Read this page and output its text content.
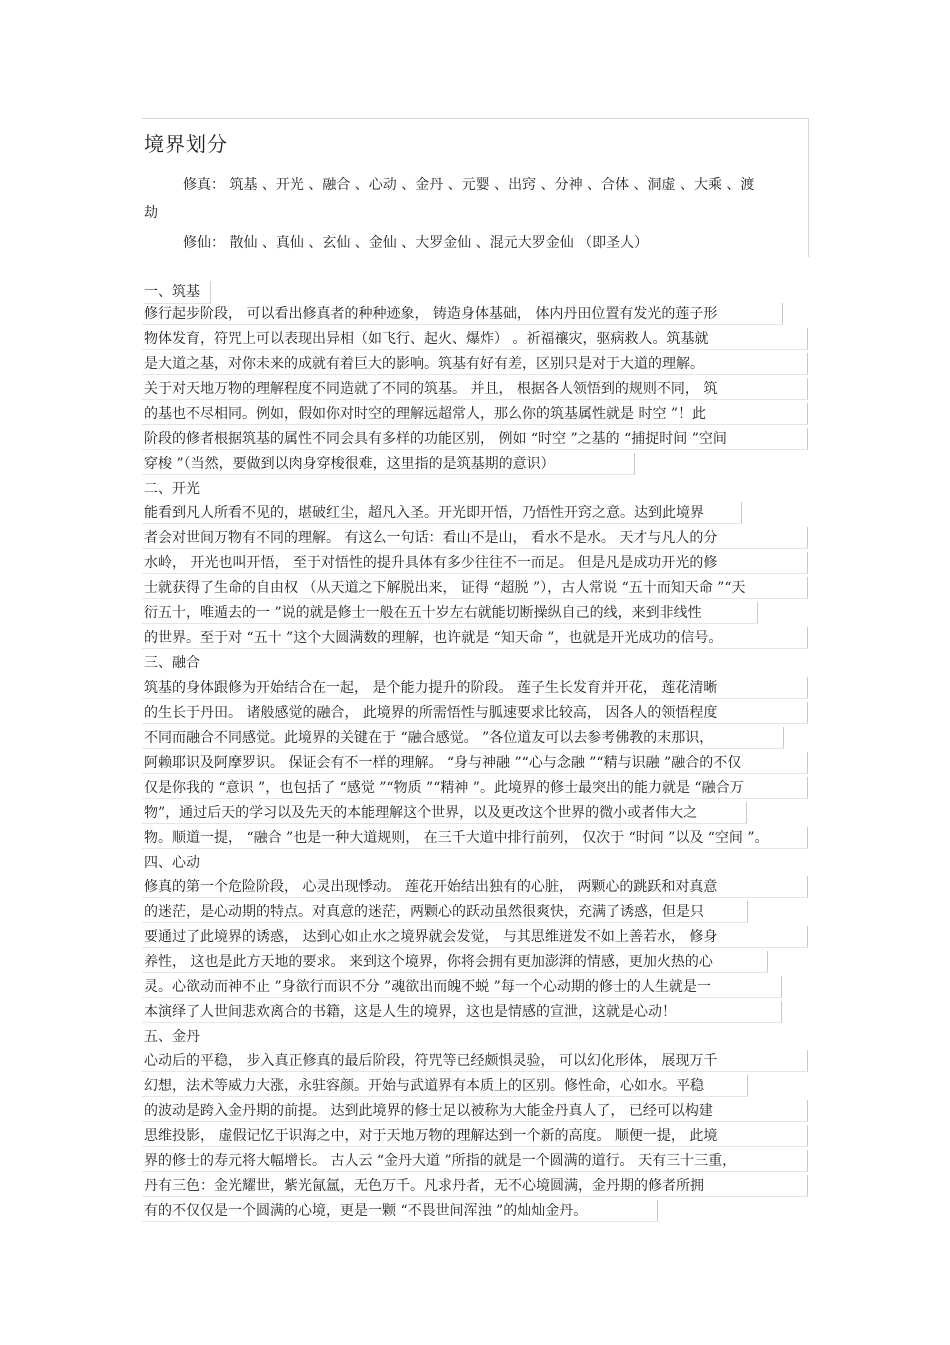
境界划分
修真： 筑基 、开光 、融合 、心动 、金丹 、元婴 、出窍 、分神 、合体 、洞虚 、大乘 、渡
劫
修仙： 散仙 、真仙 、玄仙 、金仙 、大罗金仙 、混元大罗金仙 （即圣人）
一、筑基
修行起步阶段， 可以看出修真者的种种迹象， 铸造身体基础， 体内丹田位置有发光的莲子形
物体发育，符咒上可以表现出异相（如飞行、起火、爆炸） 。祈福禳灾，驱病救人。筑基就
是大道之基，对你未来的成就有着巨大的影响。筑基有好有差，区别只是对于大道的理解。
关于对天地万物的理解程度不同造就了不同的筑基。 并且， 根据各人领悟到的规则不同， 筑
的基也不尽相同。例如，假如你对时空的理解远超常人，那么你的筑基属性就是 时空 ”！此
阶段的修者根据筑基的属性不同会具有多样的功能区别， 例如 “时空 ”之基的 “捕捉时间 ”空间
穿梭 ”（当然，要做到以肉身穿梭很难，这里指的是筑基期的意识）
二、开光
能看到凡人所看不见的，堪破红尘，超凡入圣。开光即开悟，乃悟性开窍之意。达到此境界
者会对世间万物有不同的理解。 有这么一句话：看山不是山， 看水不是水。 天才与凡人的分
水岭， 开光也叫开悟， 至于对悟性的提升具体有多少往往不一而足。 但是凡是成功开光的修
士就获得了生命的自由权 （从天道之下解脱出来， 证得 “超脱 ”），古人常说 “五十而知天命 ”“天
衍五十，唯遁去的一 ”说的就是修士一般在五十岁左右就能切断操纵自己的线，来到非线性
的世界。至于对 “五十 ”这个大圆满数的理解，也许就是 “知天命 ”，也就是开光成功的信号。
三、融合
筑基的身体跟修为开始结合在一起， 是个能力提升的阶段。 莲子生长发育并开花， 莲花清晰
的生长于丹田。 诸般感觉的融合， 此境界的所需悟性与胍速要求比较高， 因各人的领悟程度
不同而融合不同感觉。此境界的关键在于 “融合感觉。 ”各位道友可以去参考佛教的末那识，
阿赖耶识及阿摩罗识。 保证会有不一样的理解。 “身与神融 ”“心与念融 ”“精与识融 ”融合的不仅
仅是你我的 “意识 ”，也包括了 “感觉 ”“物质 ”“精神 ”。此境界的修士最突出的能力就是 “融合万
物”，通过后天的学习以及先天的本能理解这个世界，以及更改这个世界的微小或者伟大之
物。顺道一提， “融合 ”也是一种大道规则， 在三千大道中排行前列， 仅次于 “时间 ”以及 “空间 ”。
四、心动
修真的第一个危险阶段， 心灵出现悸动。 莲花开始结出独有的心脏， 两颗心的跳跃和对真意
的迷茫，是心动期的特点。对真意的迷茫，两颗心的跃动虽然很爽快，充满了诱惑，但是只
要通过了此境界的诱惑， 达到心如止水之境界就会发觉， 与其思维迸发不如上善若水， 修身
养性， 这也是此方天地的要求。 来到这个境界，你将会拥有更加澎湃的情感，更加火热的心
灵。心欲动而神不止 ”身欲行而识不分 ”魂欲出而魄不蜕 ”每一个心动期的修士的人生就是一
本演绎了人世间悲欢离合的书籍，这是人生的境界，这也是情感的宣泄，这就是心动！
五、金丹
心动后的平稳， 步入真正修真的最后阶段，符咒等已经颇惧灵验， 可以幻化形体， 展现万千
幻想，法术等威力大涨，永驻容颜。开始与武道界有本质上的区别。修性命，心如水。平稳
的波动是跨入金丹期的前提。 达到此境界的修士足以被称为大能金丹真人了， 已经可以构建
思维投影， 虚假记忆于识海之中，对于天地万物的理解达到一个新的高度。 顺便一提， 此境
界的修士的寿元将大幅增长。 古人云 “金丹大道 ”所指的就是一个圆满的道行。 天有三十三重，
丹有三色：金光耀世，紫光氤氲，无色万千。凡求丹者，无不心境圆满，金丹期的修者所拥
有的不仅仅是一个圆满的心境，更是一颗 “不畏世间浑浊 ”的灿灿金丹。
